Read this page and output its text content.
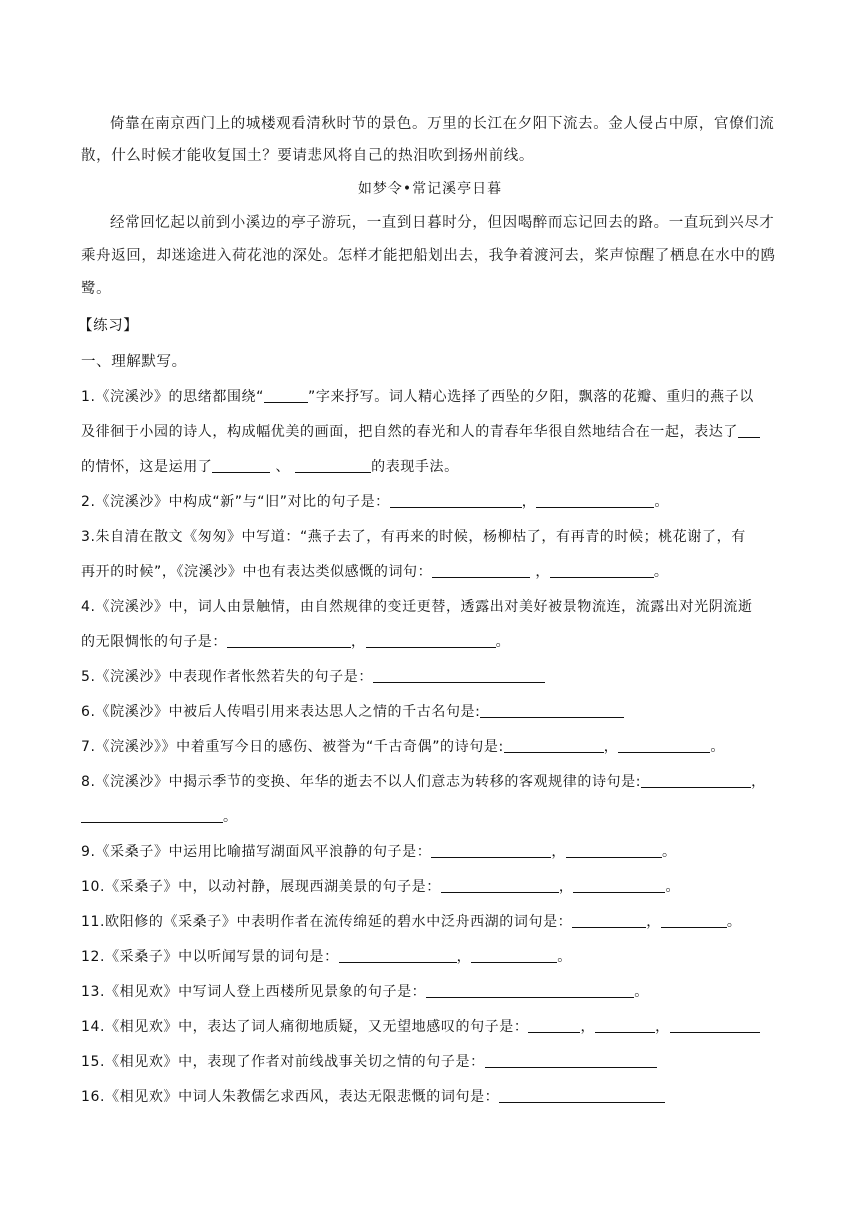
倚靠在南京西门上的城楼观看清秋时节的景色。万里的长江在夕阳下流去。金人侵占中原，官僚们流
散，什么时候才能收复国土？要请悲风将自己的热泪吹到扬州前线。
如梦令•常记溪亭日暮
经常回忆起以前到小溪边的亭子游玩，一直到日暮时分，但因喝醉而忘记回去的路。一直玩到兴尽才
乘舟返回，却迷途进入荷花池的深处。怎样才能把船划出去，我争着渡河去，桨声惊醒了栖息在水中的鸥
鹭。
【练习】
一、理解默写。
1.《浣溪沙》的思绪都围绕“	”字来抒写。词人精心选择了西坠的夕阳，飘落的花瓣、重归的燕子以
及徘徊于小园的诗人，构成幅优美的画面，把自然的春光和人的青春年华很自然地结合在一起，表达了
的情怀，这是运用了	、	的表现手法。
2.《浣溪沙》中构成“新”与“旧”对比的句子是：	，	。
3.朱自清在散文《匆匆》中写道：“燕子去了，有再来的时候，杨柳枯了，有再青的时候；桃花谢了，有
再开的时候”，《浣溪沙》中也有表达类似感慨的词句：	，	。
4.《浣溪沙》中，词人由景触情，由自然规律的变迁更替，透露出对美好被景物流连，流露出对光阴流逝
的无限惆怅的句子是：	，	。
5.《浣溪沙》中表现作者怅然若失的句子是：
6.《院溪沙》中被后人传唱引用来表达思人之情的千古名句是:
7.《浣溪沙》》中着重写今日的感伤、被誉为“千古奇偶”的诗句是:	，	。
8.《浣溪沙》中揭示季节的变换、年华的逝去不以人们意志为转移的客观规律的诗句是:	，
。
9.《采桑子》中运用比喻描写湖面风平浪静的句子是：	，	。
10.《采桑子》中，以动衬静，展现西湖美景的句子是：	，	。
11.欧阳修的《采桑子》中表明作者在流传绵延的碧水中泛舟西湖的词句是：	，	。
12.《采桑子》中以听闻写景的词句是：	，	。
13.《相见欢》中写词人登上西楼所见景象的句子是：	。
14.《相见欢》中，表达了词人痛彻地质疑，又无望地感叹的句子是：	，	，
15.《相见欢》中，表现了作者对前线战事关切之情的句子是：
16.《相见欢》中词人朱教儒乞求西风，表达无限悲慨的词句是：
